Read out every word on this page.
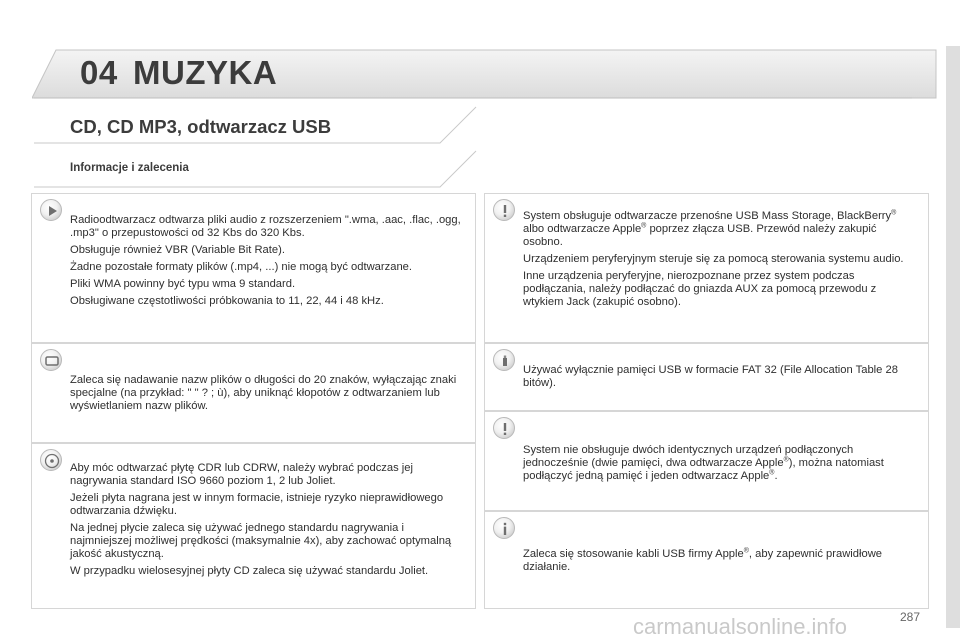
04 MUZYKA
CD, CD MP3, odtwarzacz USB
Informacje i zalecenia

Radioodtwarzacz odtwarza pliki audio z rozszerzeniem ".wma, .aac, .flac, .ogg, .mp3" o przepustowości od 32 Kbs do 320 Kbs.

Obsługuje również VBR (Variable Bit Rate).

Żadne pozostałe formaty plików (.mp4, ...) nie mogą być odtwarzane.

Pliki WMA powinny być typu wma 9 standard.

Obsługiwane częstotliwości próbkowania to 11, 22, 44 i 48 kHz.

Zaleca się nadawanie nazw plików o długości do 20 znaków, wyłączając znaki specjalne (na przykład: " " ? ; ù), aby uniknąć kłopotów z odtwarzaniem lub wyświetlaniem nazw plików.

Aby móc odtwarzać płytę CDR lub CDRW, należy wybrać podczas jej nagrywania standard ISO 9660 poziom 1, 2 lub Joliet.

Jeżeli płyta nagrana jest w innym formacie, istnieje ryzyko nieprawidłowego odtwarzania dźwięku.

Na jednej płycie zaleca się używać jednego standardu nagrywania i najmniejszej możliwej prędkości (maksymalnie 4x), aby zachować optymalną jakość akustyczną.

W przypadku wielosesyjnej płyty CD zaleca się używać standardu Joliet.

System obsługuje odtwarzacze przenośne USB Mass Storage, BlackBerry® albo odtwarzacze Apple® poprzez złącza USB. Przewód należy zakupić osobno.

Urządzeniem peryferyjnym steruje się za pomocą sterowania systemu audio.

Inne urządzenia peryferyjne, nierozpoznane przez system podczas podłączania, należy podłączać do gniazda AUX za pomocą przewodu z wtykiem Jack (zakupić osobno).

Używać wyłącznie pamięci USB w formacie FAT 32 (File Allocation Table 28 bitów).

System nie obsługuje dwóch identycznych urządzeń podłączonych jednocześnie (dwie pamięci, dwa odtwarzacze Apple®), można natomiast podłączyć jedną pamięć i jeden odtwarzacz Apple®.

Zaleca się stosowanie kabli USB firmy Apple®, aby zapewnić prawidłowe działanie.

287
carmanualsonline.info
